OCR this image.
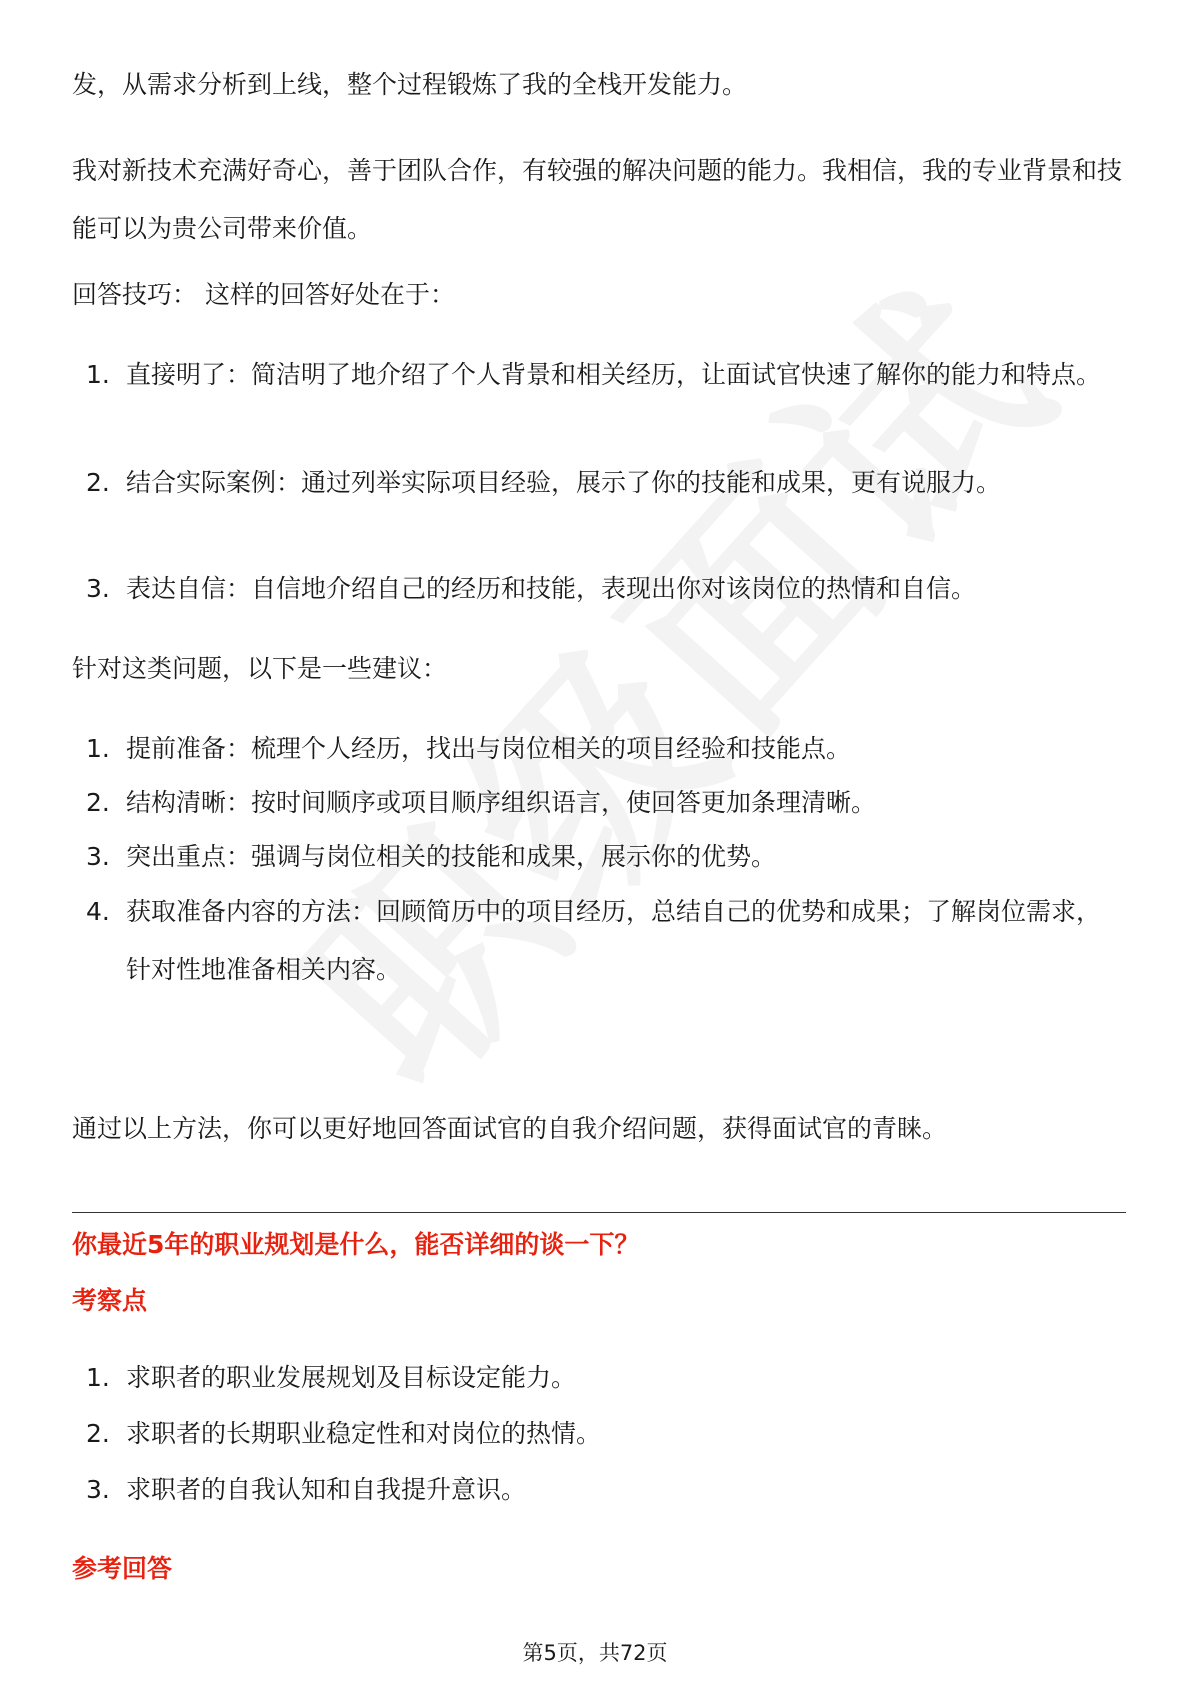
发，从需求分析到上线，整个过程锻炼了我的全栈开发能力。

我对新技术充满好奇心，善于团队合作，有较强的解决问题的能力。我相信，我的专业背景和技能可以为贵公司带来价值。

回答技巧： 这样的回答好处在于：

1. 直接明了：简洁明了地介绍了个人背景和相关经历，让面试官快速了解你的能力和特点。
2. 结合实际案例：通过列举实际项目经验，展示了你的技能和成果，更有说服力。
3. 表达自信：自信地介绍自己的经历和技能，表现出你对该岗位的热情和自信。

针对这类问题，以下是一些建议：

1. 提前准备：梳理个人经历，找出与岗位相关的项目经验和技能点。
2. 结构清晰：按时间顺序或项目顺序组织语言，使回答更加条理清晰。
3. 突出重点：强调与岗位相关的技能和成果，展示你的优势。
4. 获取准备内容的方法：回顾简历中的项目经历，总结自己的优势和成果；了解岗位需求，针对性地准备相关内容。

通过以上方法，你可以更好地回答面试官的自我介绍问题，获得面试官的青睐。

你最近5年的职业规划是什么，能否详细的谈一下？

考察点

1. 求职者的职业发展规划及目标设定能力。
2. 求职者的长期职业稳定性和对岗位的热情。
3. 求职者的自我认知和自我提升意识。

参考回答

第5页，共72页
